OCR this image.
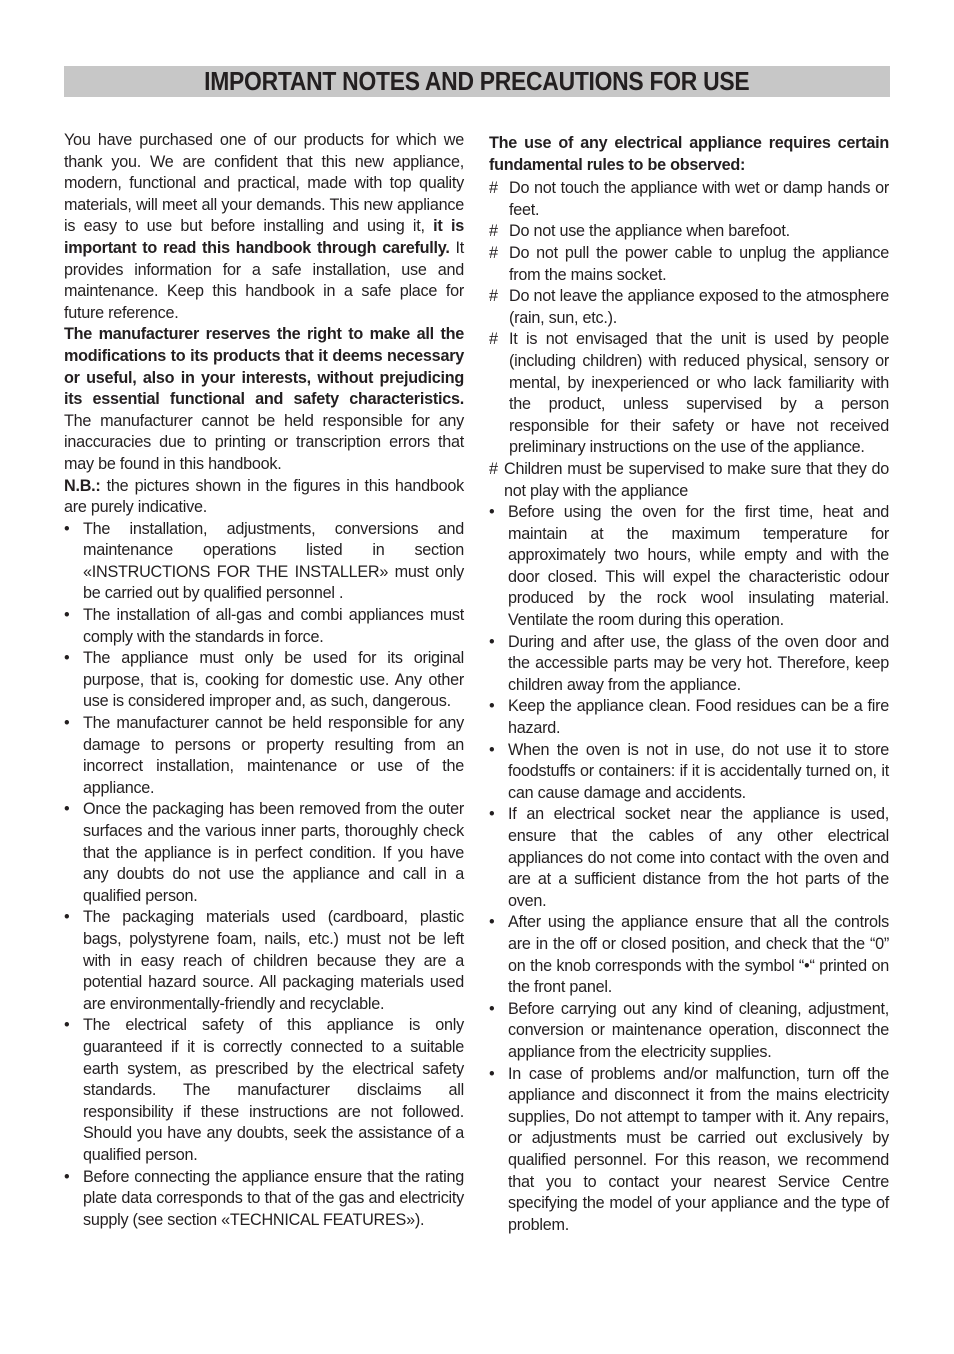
IMPORTANT NOTES AND PRECAUTIONS FOR USE

You have purchased one of our products for which we thank you. We are confident that this new appliance, modern, functional and practical, made with top quality materials, will meet all your demands. This new appliance is easy to use but before installing and using it, it is important to read this handbook through carefully. It provides information for a safe installation, use and maintenance. Keep this handbook in a safe place for future reference.

The manufacturer reserves the right to make all the modifications to its products that it deems necessary or useful, also in your interests, without prejudicing its essential functional and safety characteristics. The manufacturer cannot be held responsible for any inaccuracies due to printing or transcription errors that may be found in this handbook.

N.B.: the pictures shown in the figures in this handbook are purely indicative.

• The installation, adjustments, conversions and maintenance operations listed in section «INSTRUCTIONS FOR THE INSTALLER» must only be carried out by qualified personnel .
• The installation of all-gas and combi appliances must comply with the standards in force.
• The appliance must only be used for its original purpose, that is, cooking for domestic use. Any other use is considered improper and, as such, dangerous.
• The manufacturer cannot be held responsible for any damage to persons or property resulting from an incorrect installation, maintenance or use of the appliance.
• Once the packaging has been removed from the outer surfaces and the various inner parts, thoroughly check that the appliance is in perfect condition. If you have any doubts do not use the appliance and call in a qualified person.
• The packaging materials used (cardboard, plastic bags, polystyrene foam, nails, etc.) must not be left with in easy reach of children because they are a potential hazard source. All packaging materials used are environmentally-friendly and recyclable.
• The electrical safety of this appliance is only guaranteed if it is correctly connected to a suitable earth system, as prescribed by the electrical safety standards. The manufacturer disclaims all responsibility if these instructions are not followed. Should you have any doubts, seek the assistance of a qualified person.
• Before connecting the appliance ensure that the rating plate data corresponds to that of the gas and electricity supply (see section «TECHNICAL FEATURES»).

The use of any electrical appliance requires certain fundamental rules to be observed:

# Do not touch the appliance with wet or damp hands or feet.
# Do not use the appliance when barefoot.
# Do not pull the power cable to unplug the appliance from the mains socket.
# Do not leave the appliance exposed to the atmosphere (rain, sun, etc.).
# It is not envisaged that the unit is used by people (including children) with reduced physical, sensory or mental, by inexperienced or who lack familiarity with the product, unless supervised by a person responsible for their safety or have not received preliminary instructions on the use of the appliance.
# Children must be supervised to make sure that they do not play with the appliance
• Before using the oven for the first time, heat and maintain at the maximum temperature for approximately two hours, while empty and with the door closed. This will expel the characteristic odour produced by the rock wool insulating material. Ventilate the room during this operation.
• During and after use, the glass of the oven door and the accessible parts may be very hot. Therefore, keep children away from the appliance.
• Keep the appliance clean. Food residues can be a fire hazard.
• When the oven is not in use, do not use it to store foodstuffs or containers: if it is accidentally turned on, it can cause damage and accidents.
• If an electrical socket near the appliance is used, ensure that the cables of any other electrical appliances do not come into contact with the oven and are at a sufficient distance from the hot parts of the oven.
• After using the appliance ensure that all the controls are in the off or closed position, and check that the “0” on the knob corresponds with the symbol “•“ printed on the front panel.
• Before carrying out any kind of cleaning, adjustment, conversion or maintenance operation, disconnect the appliance from the electricity supplies.
• In case of problems and/or malfunction, turn off the appliance and disconnect it from the mains electricity supplies, Do not attempt to tamper with it. Any repairs, or adjustments must be carried out exclusively by qualified personnel. For this reason, we recommend that you to contact your nearest Service Centre specifying the model of your appliance and the type of problem.
